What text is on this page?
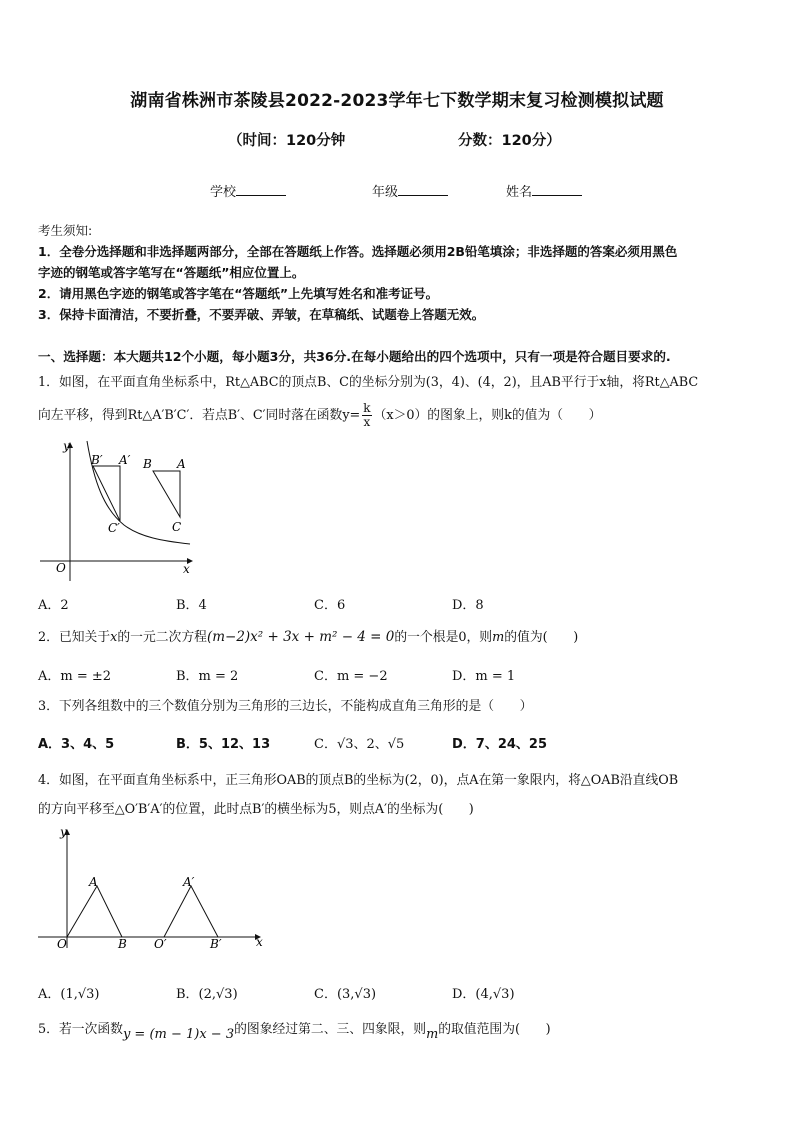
湖南省株洲市茶陵县2022-2023学年七下数学期末复习检测模拟试题
（时间：120分钟	分数：120分）
学校	年级	姓名
考生须知:
1．全卷分选择题和非选择题两部分，全部在答题纸上作答。选择题必须用2B铅笔填涂；非选择题的答案必须用黑色
字迹的钢笔或答字笔写在“答题纸”相应位置上。
2．请用黑色字迹的钢笔或答字笔在“答题纸”上先填写姓名和准考证号。
3．保持卡面清洁，不要折叠，不要弄破、弄皱，在草稿纸、试题卷上答题无效。
一、选择题：本大题共12个小题，每小题3分，共36分.在每小题给出的四个选项中，只有一项是符合题目要求的.
1．如图，在平面直角坐标系中，Rt△ABC的顶点B、C的坐标分别为(3，4)、(4，2)，且AB平行于x轴，将Rt△ABC
向左平移，得到Rt△A′B′C′．若点B′、C′同时落在函数$y= \frac{k}{x} (x>0)$的图象上，则k的值为（　　）
y
x
O
B′ A′
C′
B A
C
A．2	B．4	C．6	D．8
2．已知关于x的一元二次方程(m−2)x² + 3x + m² − 4 = 0的一个根是0，则m的值为(　　)
A．m = ±2	B．m = 2	C．m = −2	D．m = 1
3．下列各组数中的三个数值分别为三角形的三边长，不能构成直角三角形的是（　　）
A．3、4、5	B．5、12、13	C．√3、2、√5	D．7、24、25
4．如图，在平面直角坐标系中，正三角形OAB的顶点B的坐标为(2，0)，点A在第一象限内，将△OAB沿直线OB
的方向平移至△O′B′A′的位置，此时点B′的横坐标为5，则点A′的坐标为(　　)
y
x
O
A
B O′
A′
B′
A．(1,√3)	B．(2,√3)	C．(3,√3)	D．(4,√3)
5．若一次函数y = (m − 1)x − 3的图象经过第二、三、四象限，则m的取值范围为(　　)
